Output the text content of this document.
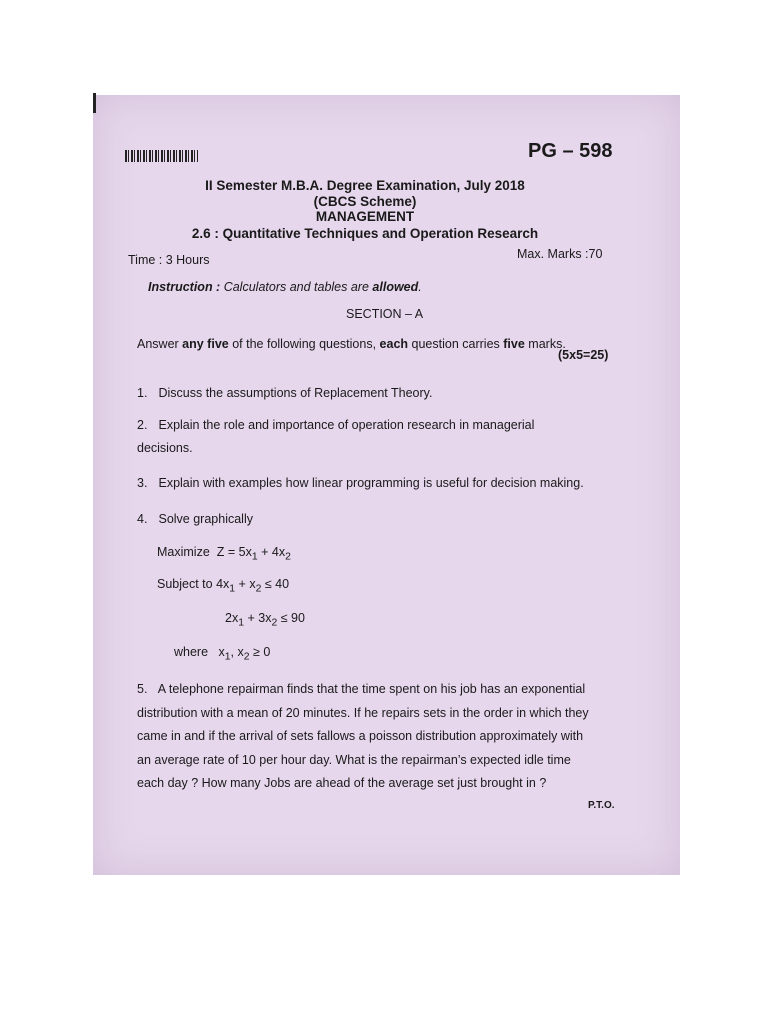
PG – 598
II Semester M.B.A. Degree Examination, July 2018
(CBCS Scheme)
MANAGEMENT
2.6 : Quantitative Techniques and Operation Research
Time : 3 Hours	Max. Marks :70
Instruction : Calculators and tables are allowed.
SECTION – A
Answer any five of the following questions, each question carries five marks.
(5x5=25)
1. Discuss the assumptions of Replacement Theory.
2. Explain the role and importance of operation research in managerial decisions.
3. Explain with examples how linear programming is useful for decision making.
4. Solve graphically
Maximize  $Z = 5x_1 + 4x_2$
Subject to $4x_1 + x_2 \le 40$
$2x_1 + 3x_2 \le 90$
where   $x_1$, $x_2 \ge 0$
5. A telephone repairman finds that the time spent on his job has an exponential distribution with a mean of 20 minutes. If he repairs sets in the order in which they came in and if the arrival of sets fallows a poisson distribution approximately with an average rate of 10 per hour day. What is the repairman’s expected idle time each day ? How many Jobs are ahead of the average set just brought in ?
P.T.O.
